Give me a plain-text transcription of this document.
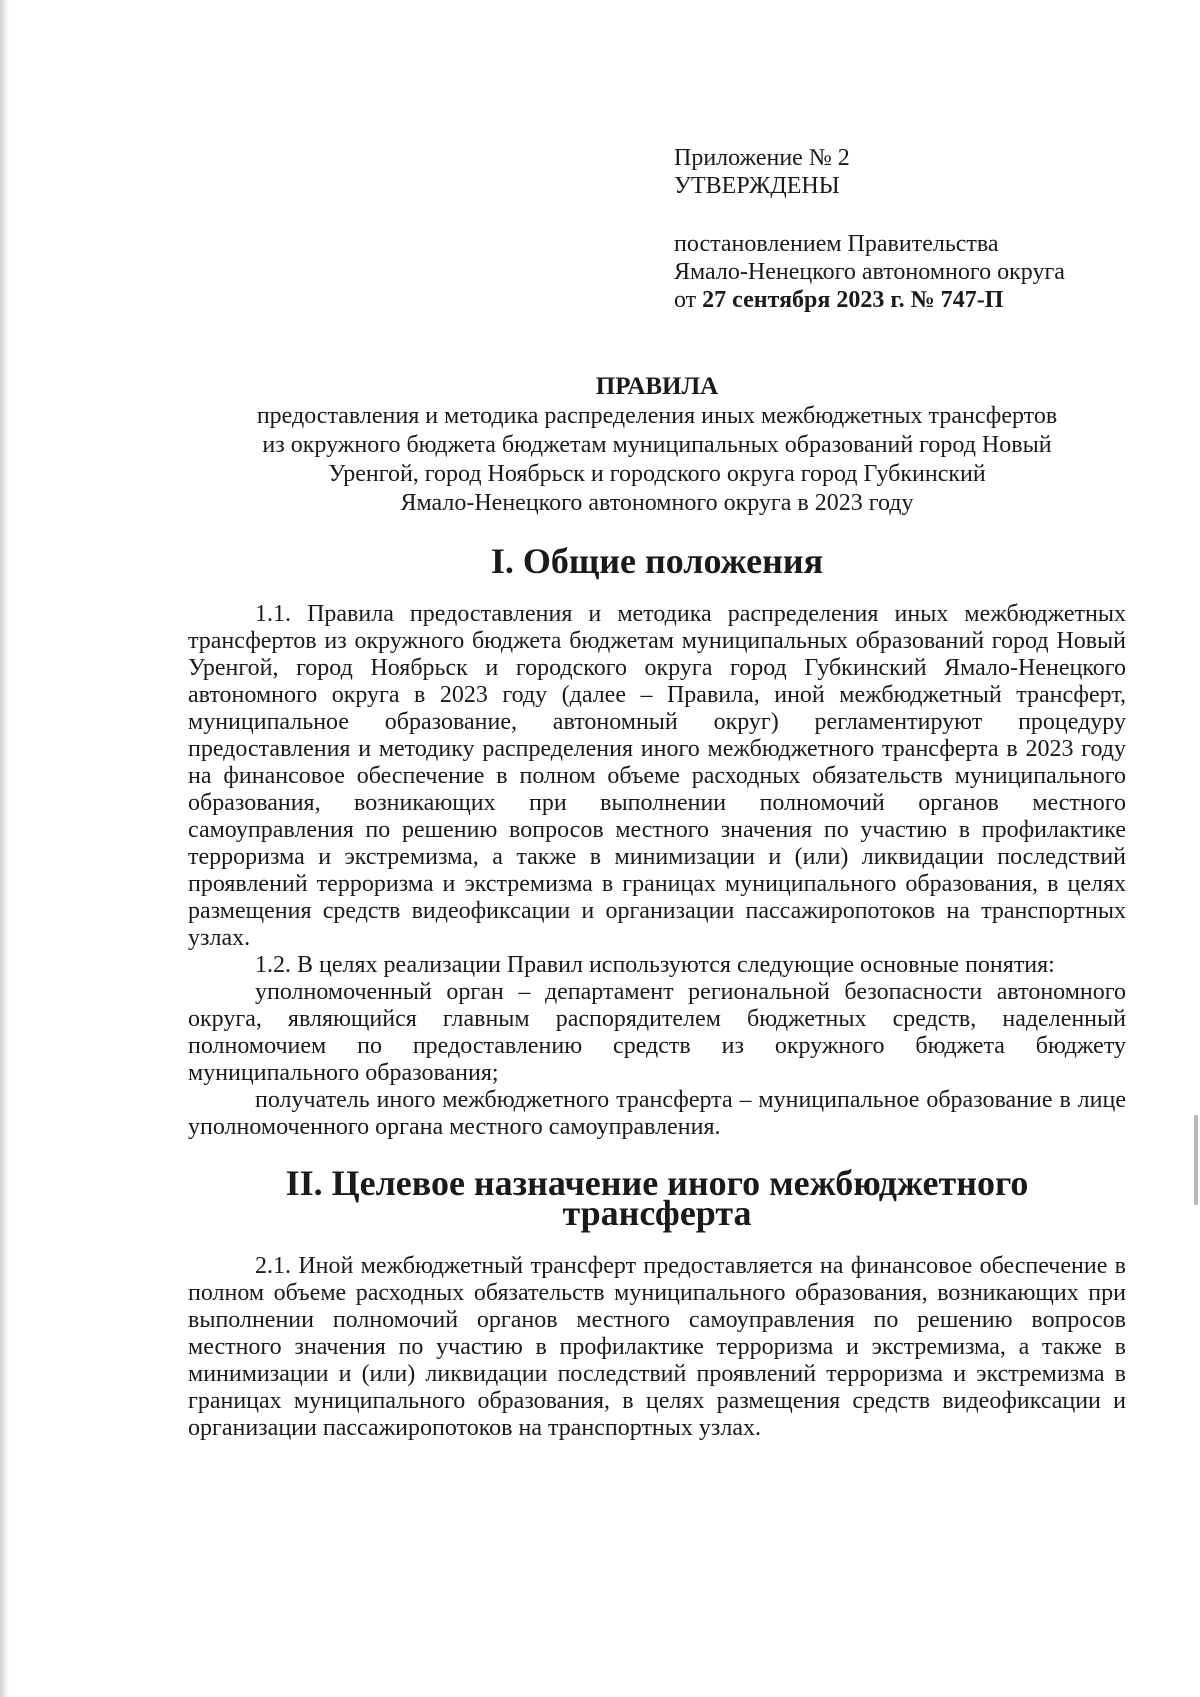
Приложение № 2
УТВЕРЖДЕНЫ
постановлением Правительства
Ямало-Ненецкого автономного округа
от 27 сентября 2023 г. № 747-П
ПРАВИЛА

предоставления и методика распределения иных межбюджетных трансфертов
из окружного бюджета бюджетам муниципальных образований город Новый
Уренгой, город Ноябрьск и городского округа город Губкинский
Ямало-Ненецкого автономного округа в 2023 году

I. Общие положения

1.1. Правила предоставления и методика распределения иных межбюджетных трансфертов из окружного бюджета бюджетам муниципальных образований город Новый Уренгой, город Ноябрьск и городского округа город Губкинский Ямало-Ненецкого автономного округа в 2023 году (далее – Правила, иной межбюджетный трансферт, муниципальное образование, автономный округ) регламентируют процедуру предоставления и методику распределения иного межбюджетного трансферта в 2023 году на финансовое обеспечение в полном объеме расходных обязательств муниципального образования, возникающих при выполнении полномочий органов местного самоуправления по решению вопросов местного значения по участию в профилактике терроризма и экстремизма, а также в минимизации и (или) ликвидации последствий проявлений терроризма и экстремизма в границах муниципального образования, в целях размещения средств видеофиксации и организации пассажиропотоков на транспортных узлах.

1.2. В целях реализации Правил используются следующие основные понятия:

уполномоченный орган – департамент региональной безопасности автономного округа, являющийся главным распорядителем бюджетных средств, наделенный полномочием по предоставлению средств из окружного бюджета бюджету муниципального образования;

получатель иного межбюджетного трансферта – муниципальное образование в лице уполномоченного органа местного самоуправления.

II. Целевое назначение иного межбюджетного трансферта

2.1. Иной межбюджетный трансферт предоставляется на финансовое обеспечение в полном объеме расходных обязательств муниципального образования, возникающих при выполнении полномочий органов местного самоуправления по решению вопросов местного значения по участию в профилактике терроризма и экстремизма, а также в минимизации и (или) ликвидации последствий проявлений терроризма и экстремизма в границах муниципального образования, в целях размещения средств видеофиксации и организации пассажиропотоков на транспортных узлах.
